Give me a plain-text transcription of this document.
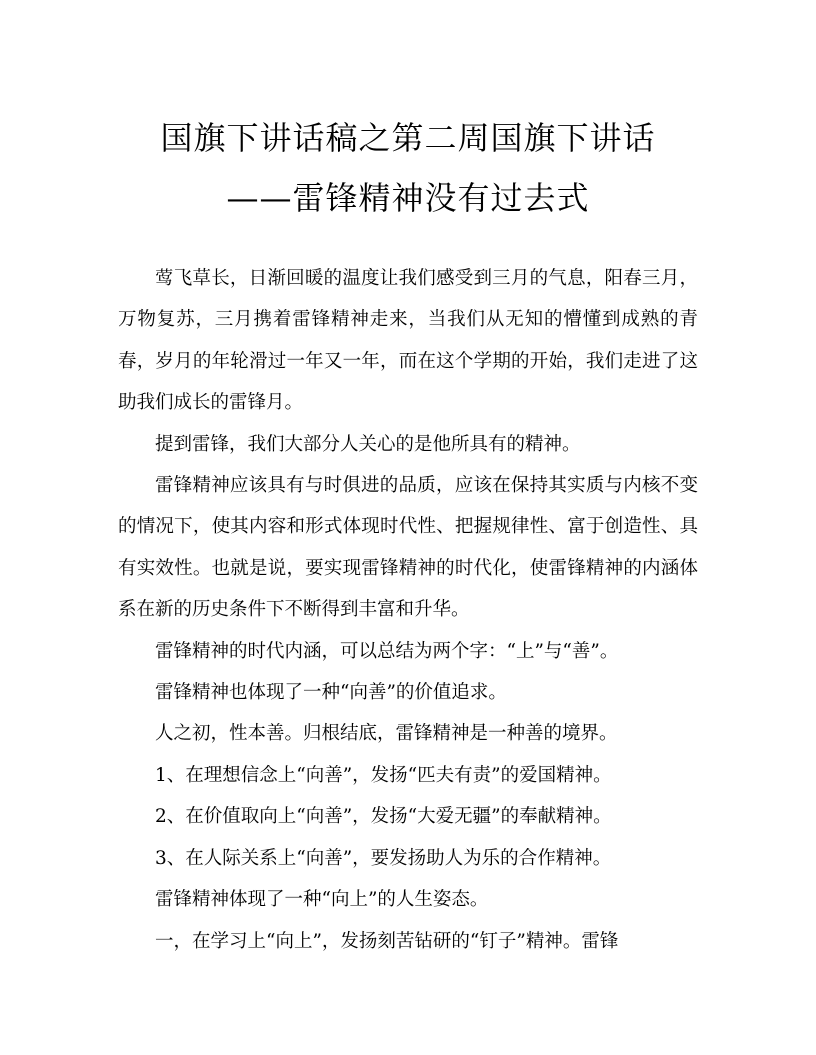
国旗下讲话稿之第二周国旗下讲话
——雷锋精神没有过去式

莺飞草长，日渐回暖的温度让我们感受到三月的气息，阳春三月，万物复苏，三月携着雷锋精神走来，当我们从无知的懵懂到成熟的青春，岁月的年轮滑过一年又一年，而在这个学期的开始，我们走进了这助我们成长的雷锋月。

提到雷锋，我们大部分人关心的是他所具有的精神。

雷锋精神应该具有与时俱进的品质，应该在保持其实质与内核不变的情况下，使其内容和形式体现时代性、把握规律性、富于创造性、具有实效性。也就是说，要实现雷锋精神的时代化，使雷锋精神的内涵体系在新的历史条件下不断得到丰富和升华。

雷锋精神的时代内涵，可以总结为两个字：“上”与“善”。

雷锋精神也体现了一种“向善”的价值追求。

人之初，性本善。归根结底，雷锋精神是一种善的境界。

1、在理想信念上“向善”，发扬“匹夫有责”的爱国精神。

2、在价值取向上“向善”，发扬“大爱无疆”的奉献精神。

3、在人际关系上“向善”，要发扬助人为乐的合作精神。

雷锋精神体现了一种“向上”的人生姿态。

一，在学习上“向上”，发扬刻苦钻研的“钉子”精神。雷锋
